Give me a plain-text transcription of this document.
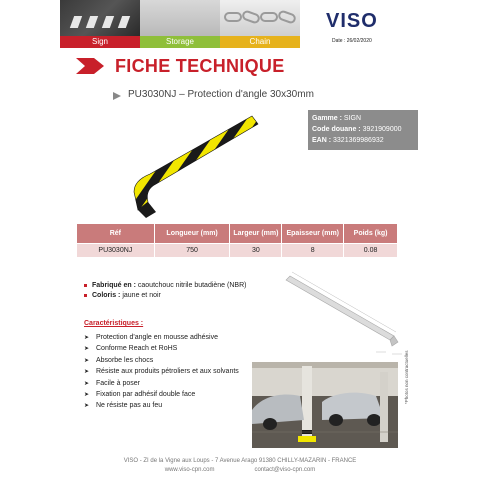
Sign	Storage	Chain
VISO
Date : 26/02/2020
FICHE TECHNIQUE
PU3030NJ – Protection d'angle 30x30mm
Gamme : SIGN
Code douane : 3921909000
EAN : 3321369986932
Réf	Longueur (mm)	Largeur (mm)	Epaisseur (mm)	Poids (kg)
PU3030NJ	750	30	8	0.08
Fabriqué en : caoutchouc nitrile butadiène (NBR)
Coloris : jaune et noir
Caractéristiques :
➤ Protection d'angle en mousse adhésive
➤ Conforme Reach et RoHS
➤ Absorbe les chocs
➤ Résiste aux produits pétroliers et aux solvants
➤ Facile à poser
➤ Fixation par adhésif double face
➤ Ne résiste pas au feu
*Photos non contractuelles
VISO - ZI de la Vigne aux Loups - 7 Avenue Arago 91380 CHILLY-MAZARIN - FRANCE
www.viso-cpn.com	contact@viso-cpn.com
